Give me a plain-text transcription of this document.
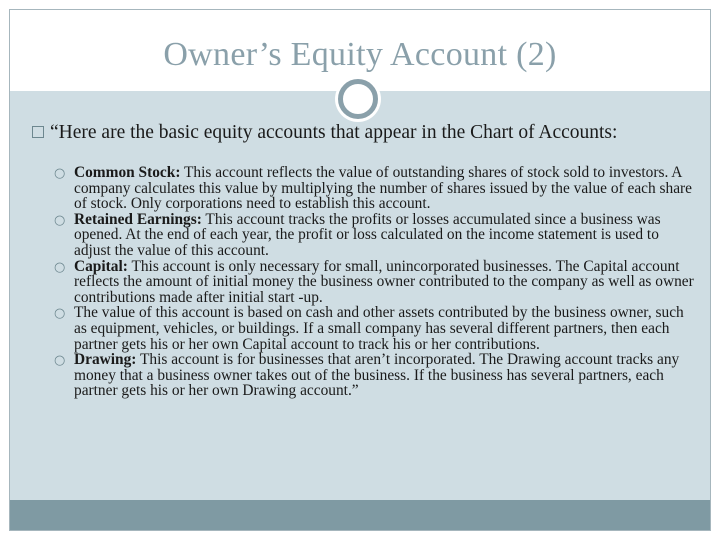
Owner’s Equity Account (2)
“Here are the basic equity accounts that appear in the Chart of Accounts:
○ Common Stock: This account reflects the value of outstanding shares of stock sold to investors. A company calculates this value by multiplying the number of shares issued by the value of each share of stock. Only corporations need to establish this account.
○ Retained Earnings: This account tracks the profits or losses accumulated since a business was opened. At the end of each year, the profit or loss calculated on the income statement is used to adjust the value of this account.
○ Capital: This account is only necessary for small, unincorporated businesses. The Capital account reflects the amount of initial money the business owner contributed to the company as well as owner contributions made after initial start -up.
○ The value of this account is based on cash and other assets contributed by the business owner, such as equipment, vehicles, or buildings. If a small company has several different partners, then each partner gets his or her own Capital account to track his or her contributions.
○ Drawing: This account is for businesses that aren’t incorporated. The Drawing account tracks any money that a business owner takes out of the business. If the business has several partners, each partner gets his or her own Drawing account.”
